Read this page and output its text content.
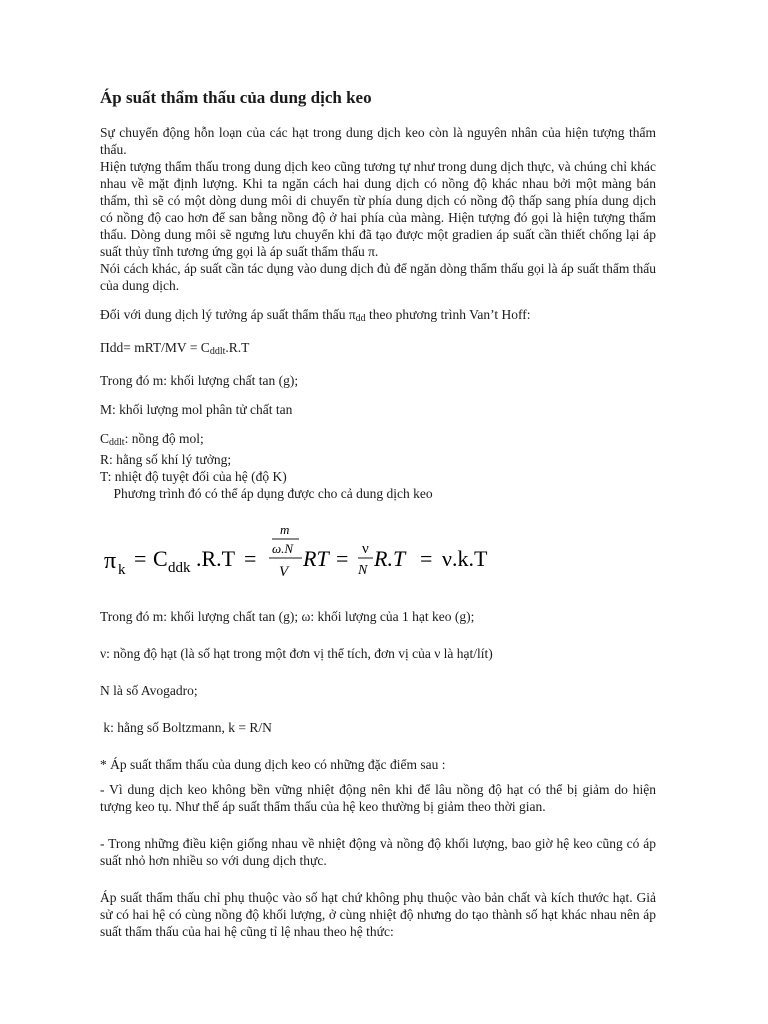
Áp suất thẩm thấu của dung dịch keo

Sự chuyển động hỗn loạn của các hạt trong dung dịch keo còn là nguyên nhân của hiện tượng thẩm thấu.

Hiện tượng thẩm thấu trong dung dịch keo cũng tương tự như trong dung dịch thực, và chúng chỉ khác nhau về mặt định lượng. Khi ta ngăn cách hai dung dịch có nồng độ khác nhau bởi một màng bán thấm, thì sẽ có một dòng dung môi di chuyển từ phía dung dịch có nồng độ thấp sang phía dung dịch có nồng độ cao hơn để san bằng nồng độ ở hai phía của màng. Hiện tượng đó gọi là hiện tượng thẩm thấu. Dòng dung môi sẽ ngưng lưu chuyển khi đã tạo được một gradien áp suất cần thiết chống lại áp suất thủy tĩnh tương ứng gọi là áp suất thẩm thấu π.

Nói cách khác, áp suất cần tác dụng vào dung dịch đủ để ngăn dòng thẩm thấu gọi là áp suất thẩm thấu của dung dịch.

Đối với dung dịch lý tưởng áp suất thẩm thấu $\pi_{dd}$ theo phương trình Van’t Hoff:

$\Pi dd= mRT/MV = C_{ddlt}.R.T$

Trong đó m: khối lượng chất tan (g);

M: khối lượng mol phân tử chất tan

$C_{ddlt}$: nồng độ mol;

R: hằng số khí lý tưởng;

T: nhiệt độ tuyệt đối của hệ (độ K)

Phương trình đó có thể áp dụng được cho cả dung dịch keo

π k = C ddk .R.T =
m
ω.N
V
RT = ν
N R.T = ν.k.T

Trong đó m: khối lượng chất tan (g); ω: khối lượng của 1 hạt keo (g);

ν: nồng độ hạt (là số hạt trong một đơn vị thể tích, đơn vị của ν là hạt/lít)

N là số Avogadro;

k: hằng số Boltzmann, k = R/N

* Áp suất thẩm thấu của dung dịch keo có những đặc điểm sau :

- Vì dung dịch keo không bền vững nhiệt động nên khi để lâu nồng độ hạt có thể bị giảm do hiện tượng keo tụ. Như thế áp suất thẩm thấu của hệ keo thường bị giảm theo thời gian.

- Trong những điều kiện giống nhau về nhiệt động và nồng độ khối lượng, bao giờ hệ keo cũng có áp suất nhỏ hơn nhiều so với dung dịch thực.

Áp suất thẩm thấu chỉ phụ thuộc vào số hạt chứ không phụ thuộc vào bản chất và kích thước hạt. Giả sử có hai hệ có cùng nồng độ khối lượng, ở cùng nhiệt độ nhưng do tạo thành số hạt khác nhau nên áp suất thẩm thấu của hai hệ cũng tỉ lệ nhau theo hệ thức:
